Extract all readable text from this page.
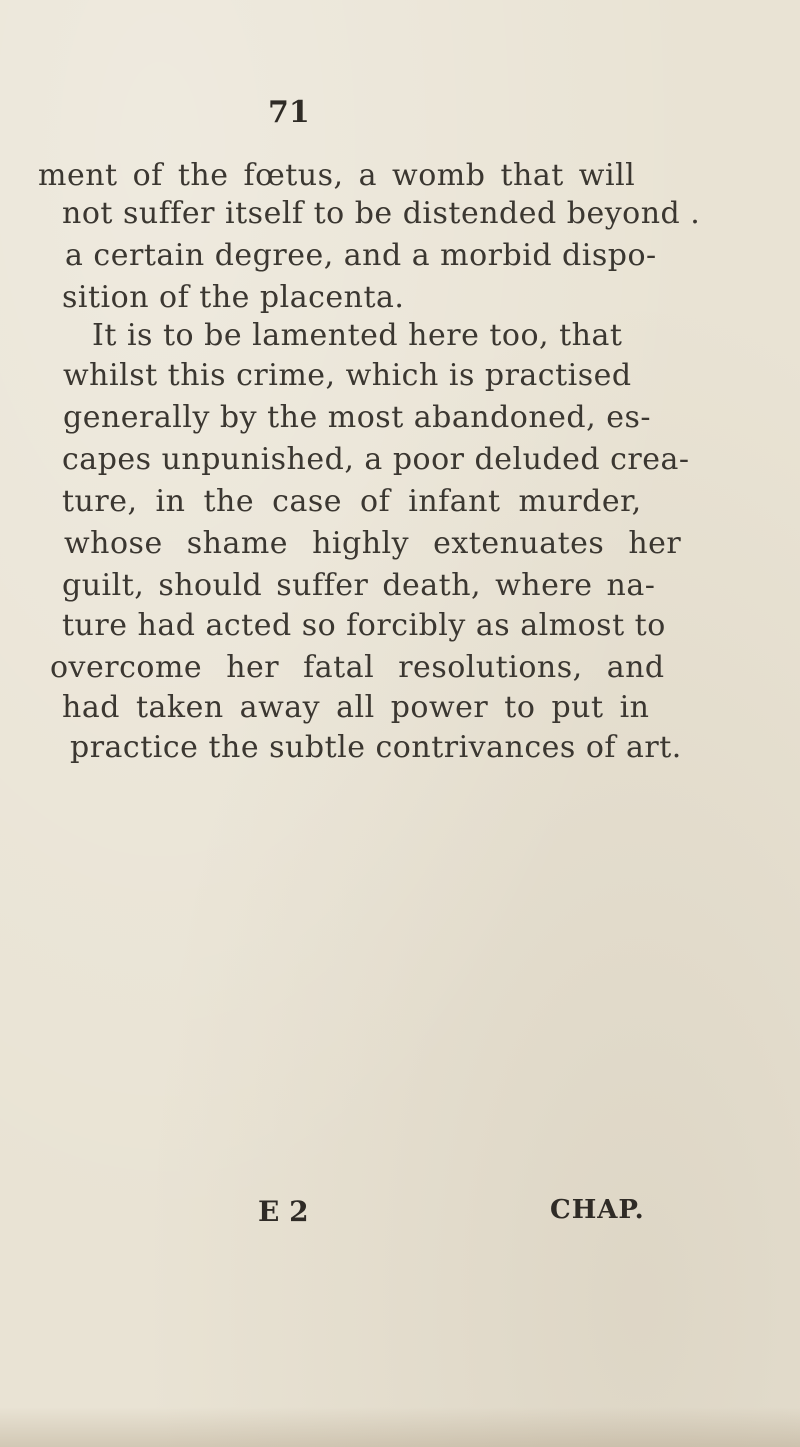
71
ment of the fœtus, a womb that will
not suffer itself to be distended beyond .
a certain degree, and a morbid dispo-
sition of the placenta.
It is to be lamented here too, that
whilst this crime, which is practised
generally by the most abandoned, es-
capes unpunished, a poor deluded crea-
ture, in the case of infant murder,
whose shame highly extenuates her
guilt, should suffer death, where na-
ture had acted so forcibly as almost to
overcome her fatal resolutions, and
had taken away all power to put in
practice the subtle contrivances of art.
E 2	CHAP.
